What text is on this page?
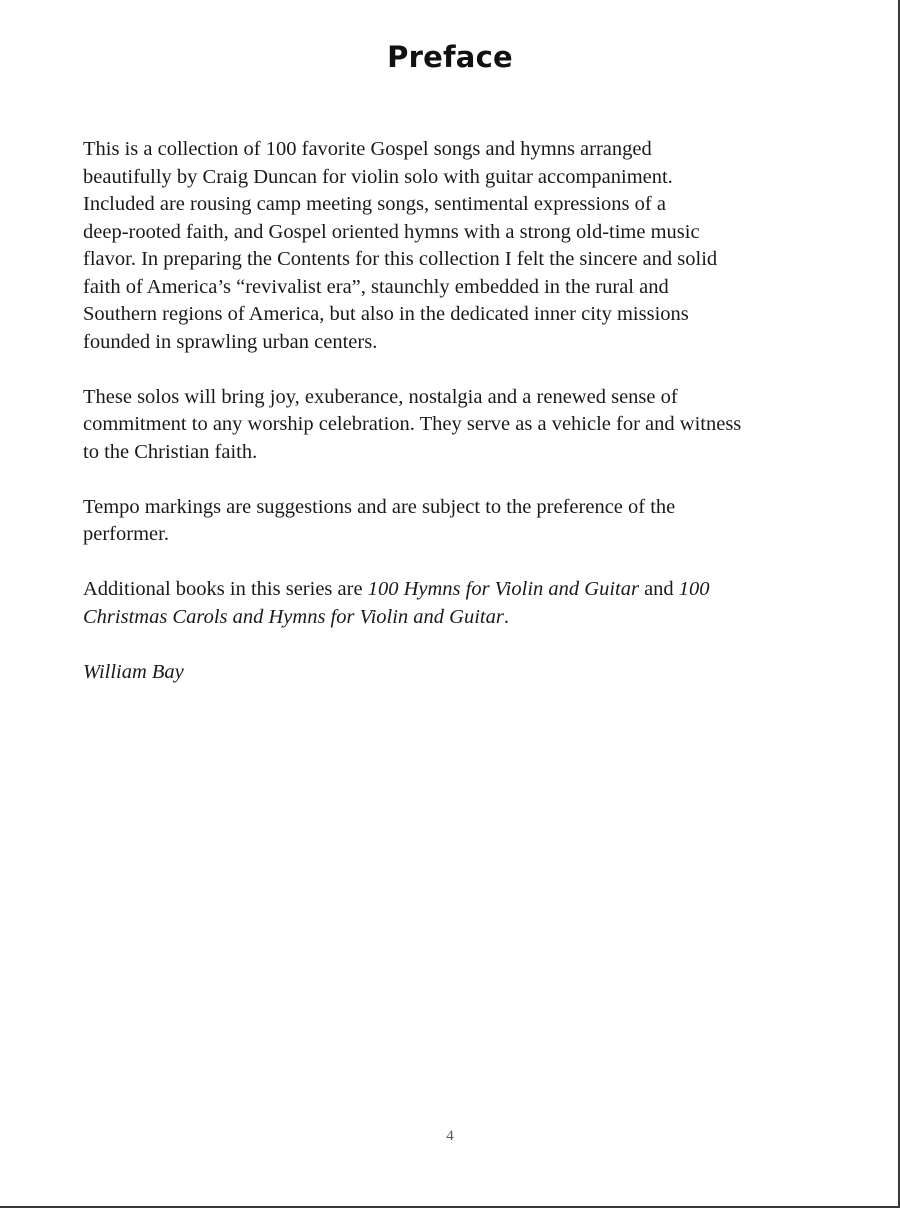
Preface

This is a collection of 100 favorite Gospel songs and hymns arranged
beautifully by Craig Duncan for violin solo with guitar accompaniment.
Included are rousing camp meeting songs, sentimental expressions of a
deep-rooted faith, and Gospel oriented hymns with a strong old-time music
flavor. In preparing the Contents for this collection I felt the sincere and solid
faith of America’s “revivalist era”, staunchly embedded in the rural and
Southern regions of America, but also in the dedicated inner city missions
founded in sprawling urban centers.

These solos will bring joy, exuberance, nostalgia and a renewed sense of
commitment to any worship celebration. They serve as a vehicle for and witness
to the Christian faith.

Tempo markings are suggestions and are subject to the preference of the
performer.

Additional books in this series are 100 Hymns for Violin and Guitar and 100
Christmas Carols and Hymns for Violin and Guitar.

William Bay

4
